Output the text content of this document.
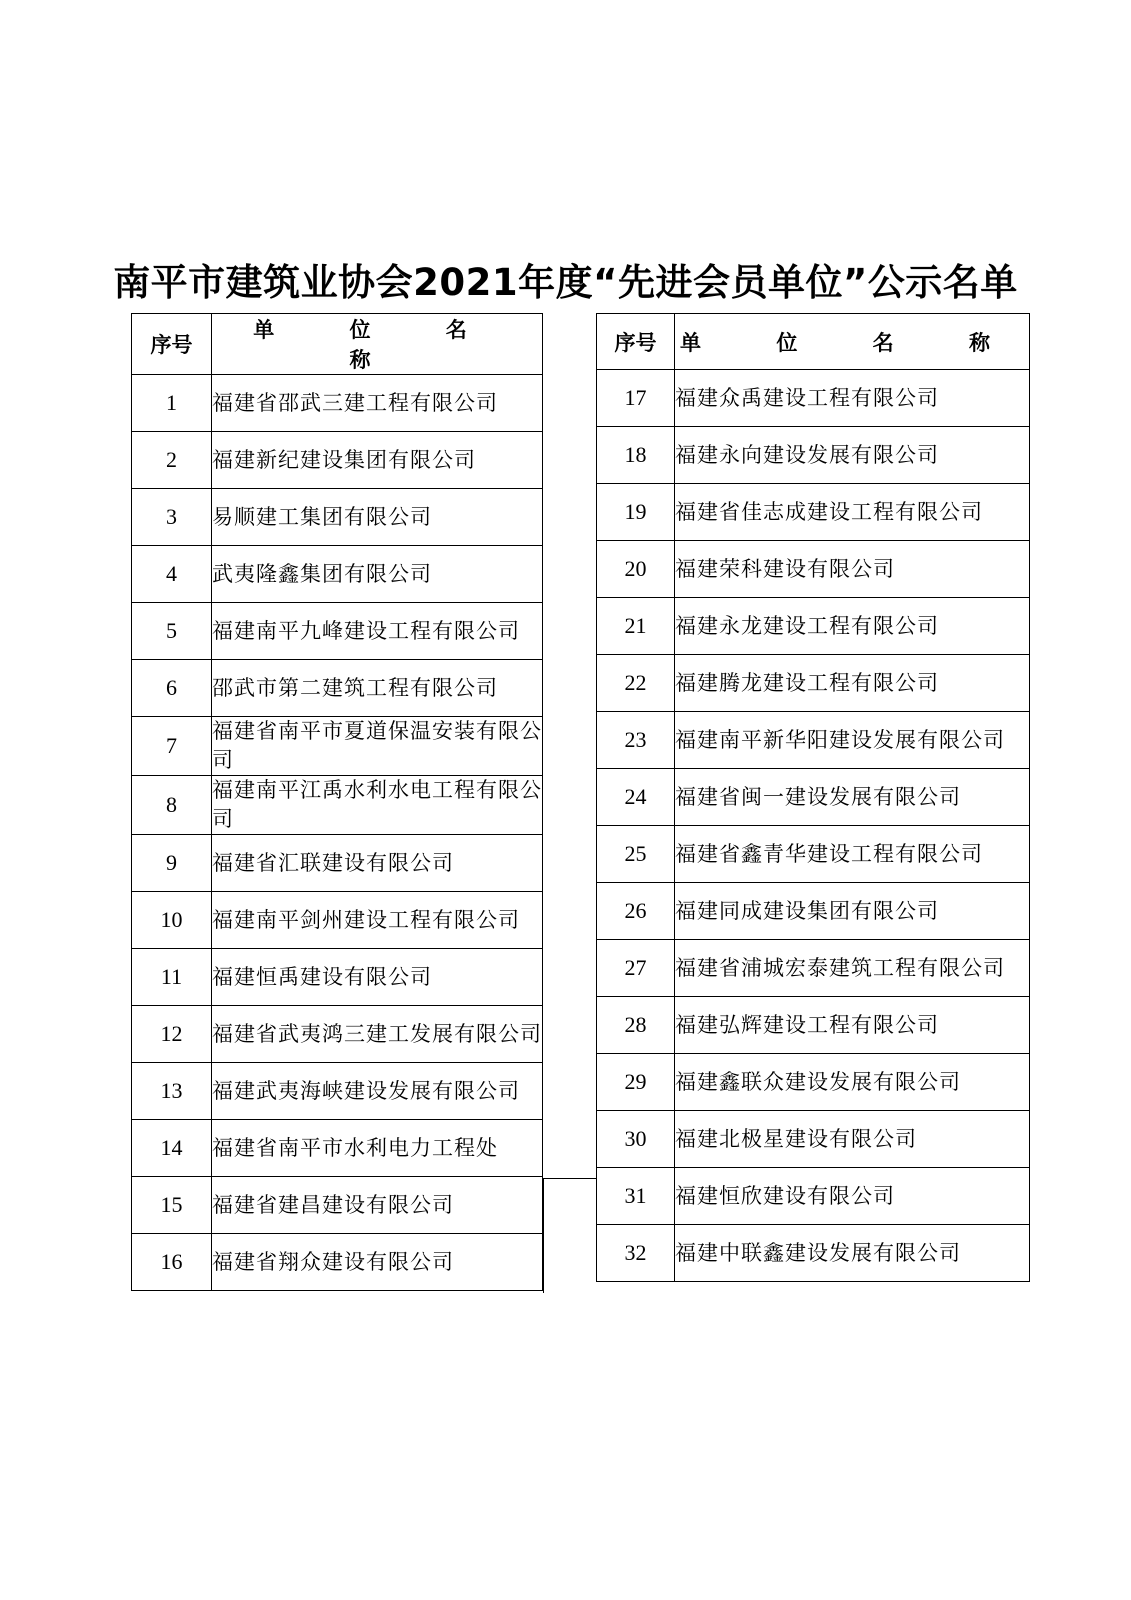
南平市建筑业协会2021年度“先进会员单位”公示名单
序号	单 位 名 称
1	福建省邵武三建工程有限公司
2	福建新纪建设集团有限公司
3	易顺建工集团有限公司
4	武夷隆鑫集团有限公司
5	福建南平九峰建设工程有限公司
6	邵武市第二建筑工程有限公司
7	福建省南平市夏道保温安装有限公司
8	福建南平江禹水利水电工程有限公司
9	福建省汇联建设有限公司
10	福建南平剑州建设工程有限公司
11	福建恒禹建设有限公司
12	福建省武夷鸿三建工发展有限公司
13	福建武夷海峡建设发展有限公司
14	福建省南平市水利电力工程处
15	福建省建昌建设有限公司
16	福建省翔众建设有限公司
序号	单 位 名 称
17	福建众禹建设工程有限公司
18	福建永向建设发展有限公司
19	福建省佳志成建设工程有限公司
20	福建荣科建设有限公司
21	福建永龙建设工程有限公司
22	福建腾龙建设工程有限公司
23	福建南平新华阳建设发展有限公司
24	福建省闽一建设发展有限公司
25	福建省鑫青华建设工程有限公司
26	福建同成建设集团有限公司
27	福建省浦城宏泰建筑工程有限公司
28	福建弘辉建设工程有限公司
29	福建鑫联众建设发展有限公司
30	福建北极星建设有限公司
31	福建恒欣建设有限公司
32	福建中联鑫建设发展有限公司
